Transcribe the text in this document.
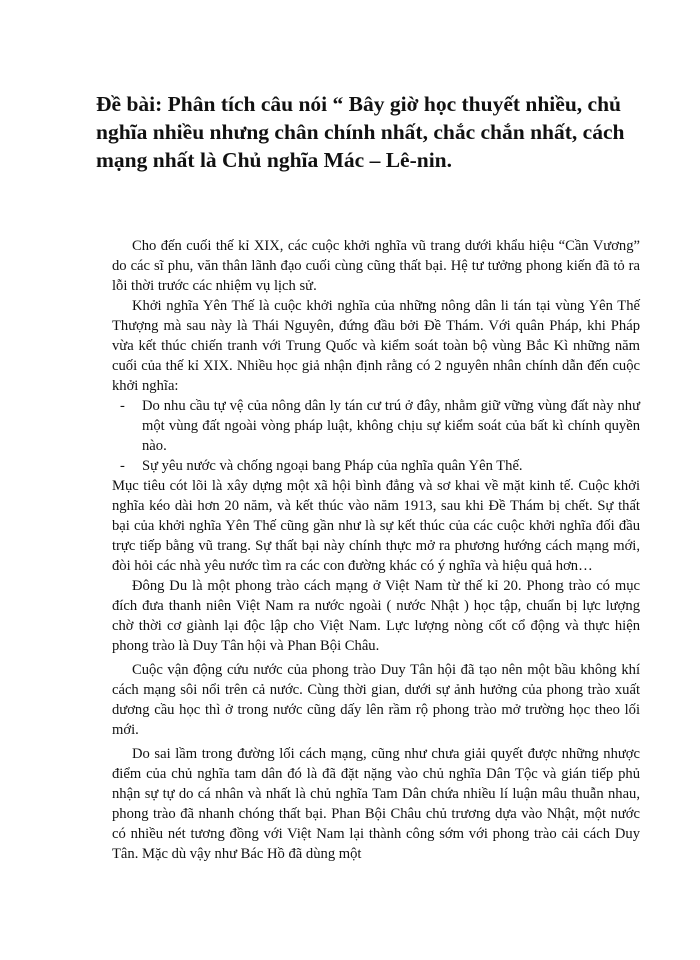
Đề bài: Phân tích câu nói “ Bây giờ học thuyết nhiều, chủ nghĩa nhiều nhưng chân chính nhất, chắc chắn nhất, cách mạng nhất là Chủ nghĩa Mác – Lê-nin.

Cho đến cuối thế kỉ XIX, các cuộc khởi nghĩa vũ trang dưới khẩu hiệu “Cần Vương” do các sĩ phu, văn thân lãnh đạo cuối cùng cũng thất bại. Hệ tư tưởng phong kiến đã tỏ ra lỗi thời trước các nhiệm vụ lịch sử.

Khởi nghĩa Yên Thế là cuộc khởi nghĩa của những nông dân li tán tại vùng Yên Thế Thượng mà sau này là Thái Nguyên, đứng đầu bởi Đề Thám. Với quân Pháp, khi Pháp vừa kết thúc chiến tranh với Trung Quốc và kiểm soát toàn bộ vùng Bắc Kì những năm cuối của thế kỉ XIX. Nhiều học giả nhận định rằng có 2 nguyên nhân chính dẫn đến cuộc khởi nghĩa:

- Do nhu cầu tự vệ của nông dân ly tán cư trú ở đây, nhằm giữ vững vùng đất này như một vùng đất ngoài vòng pháp luật, không chịu sự kiểm soát của bất kì chính quyền nào.
- Sự yêu nước và chống ngoại bang Pháp của nghĩa quân Yên Thế.

Mục tiêu cót lõi là xây dựng một xã hội bình đẳng và sơ khai về mặt kinh tế. Cuộc khởi nghĩa kéo dài hơn 20 năm, và kết thúc vào năm 1913, sau khi Đề Thám bị chết. Sự thất bại của khởi nghĩa Yên Thế cũng gần như là sự kết thúc của các cuộc khởi nghĩa đối đầu trực tiếp bằng vũ trang. Sự thất bại này chính thực mở ra phương hướng cách mạng mới, đòi hỏi các nhà yêu nước tìm ra các con đường khác có ý nghĩa và hiệu quả hơn…

Đông Du là một phong trào cách mạng ở Việt Nam từ thế kỉ 20. Phong trào có mục đích đưa thanh niên Việt Nam ra nước ngoài ( nước Nhật ) học tập, chuẩn bị lực lượng chờ thời cơ giành lại độc lập cho Việt Nam. Lực lượng nòng cốt cổ động và thực hiện phong trào là Duy Tân hội và Phan Bội Châu.

Cuộc vận động cứu nước của phong trào Duy Tân hội đã tạo nên một bầu không khí cách mạng sôi nổi trên cả nước. Cùng thời gian, dưới sự ảnh hưởng của phong trào xuất dương cầu học thì ở trong nước cũng dấy lên rầm rộ phong trào mở trường học theo lối mới.

Do sai lầm trong đường lối cách mạng, cũng như chưa giải quyết được những nhược điểm của chủ nghĩa tam dân đó là đã đặt nặng vào chủ nghĩa Dân Tộc và gián tiếp phủ nhận sự tự do cá nhân và nhất là chủ nghĩa Tam Dân chứa nhiều lí luận mâu thuẫn nhau, phong trào đã nhanh chóng thất bại. Phan Bội Châu chủ trương dựa vào Nhật, một nước có nhiều nét tương đồng với Việt Nam lại thành công sớm với phong trào cải cách Duy Tân. Mặc dù vậy như Bác Hồ đã dùng một
